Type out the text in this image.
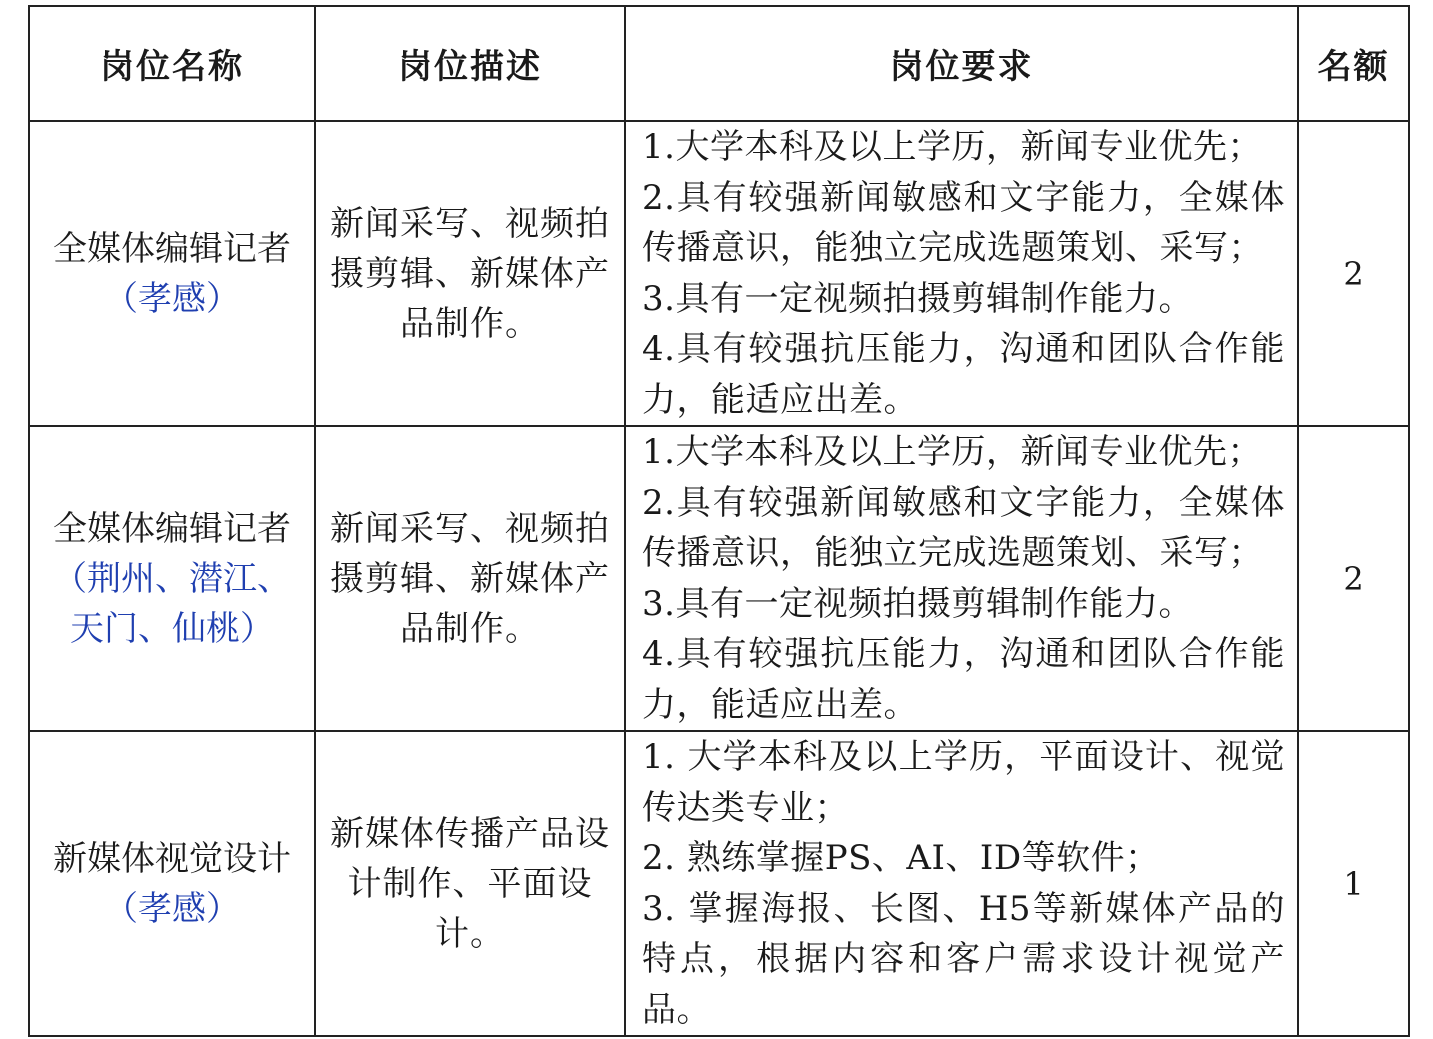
岗位名称	岗位描述	岗位要求	名额

全媒体编辑记者
（孝感）	新闻采写、视频拍摄剪辑、新媒体产品制作。	1.大学本科及以上学历，新闻专业优先；
2.具有较强新闻敏感和文字能力，全媒体传播意识，能独立完成选题策划、采写；
3.具有一定视频拍摄剪辑制作能力。
4.具有较强抗压能力，沟通和团队合作能力，能适应出差。	2

全媒体编辑记者
（荆州、潜江、天门、仙桃）	新闻采写、视频拍摄剪辑、新媒体产品制作。	1.大学本科及以上学历，新闻专业优先；
2.具有较强新闻敏感和文字能力，全媒体传播意识，能独立完成选题策划、采写；
3.具有一定视频拍摄剪辑制作能力。
4.具有较强抗压能力，沟通和团队合作能力，能适应出差。	2

新媒体视觉设计
（孝感）	新媒体传播产品设计制作、平面设计。	1. 大学本科及以上学历，平面设计、视觉传达类专业；
2. 熟练掌握PS、AI、ID等软件；
3. 掌握海报、长图、H5等新媒体产品的特点，根据内容和客户需求设计视觉产品。	1
